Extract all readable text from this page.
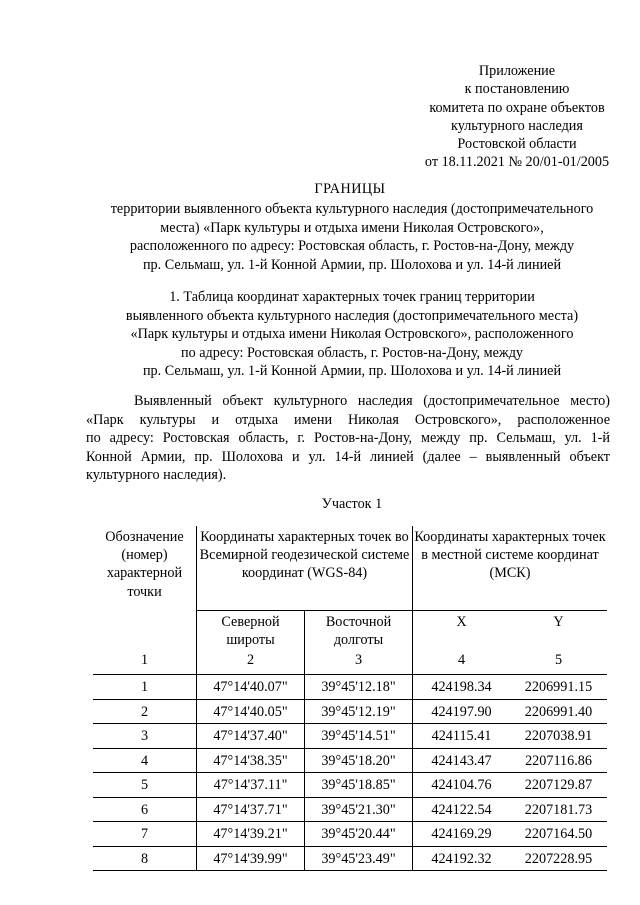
Приложение
к постановлению
комитета по охране объектов
культурного наследия
Ростовской области
от 18.11.2021 № 20/01-01/2005
ГРАНИЦЫ
территории выявленного объекта культурного наследия (достопримечательного
места) «Парк культуры и отдыха имени Николая Островского»,
расположенного по адресу: Ростовская область, г. Ростов-на-Дону, между
пр. Сельмаш, ул. 1-й Конной Армии, пр. Шолохова и ул. 14-й линией
1. Таблица координат характерных точек границ территории
выявленного объекта культурного наследия (достопримечательного места)
«Парк культуры и отдыха имени Николая Островского», расположенного
по адресу: Ростовская область, г. Ростов-на-Дону, между
пр. Сельмаш, ул. 1-й Конной Армии, пр. Шолохова и ул. 14-й линией
Выявленный объект культурного наследия (достопримечательное место)
«Парк культуры и отдыха имени Николая Островского», расположенное
по адресу: Ростовская область, г. Ростов-на-Дону, между пр. Сельмаш, ул. 1-й
Конной Армии, пр. Шолохова и ул. 14-й линией (далее – выявленный объект
культурного наследия).
Участок 1
Обозначение (номер) характерной точки	Координаты характерных точек во Всемирной геодезической системе координат (WGS-84)		Координаты характерных точек в местной системе координат (МСК)	
	Северной широты	Восточной долготы	X	Y
1	2	3	4	5
1	47°14'40.07"	39°45'12.18"	424198.34	2206991.15
2	47°14'40.05"	39°45'12.19"	424197.90	2206991.40
3	47°14'37.40"	39°45'14.51"	424115.41	2207038.91
4	47°14'38.35"	39°45'18.20"	424143.47	2207116.86
5	47°14'37.11"	39°45'18.85"	424104.76	2207129.87
6	47°14'37.71"	39°45'21.30"	424122.54	2207181.73
7	47°14'39.21"	39°45'20.44"	424169.29	2207164.50
8	47°14'39.99"	39°45'23.49"	424192.32	2207228.95
